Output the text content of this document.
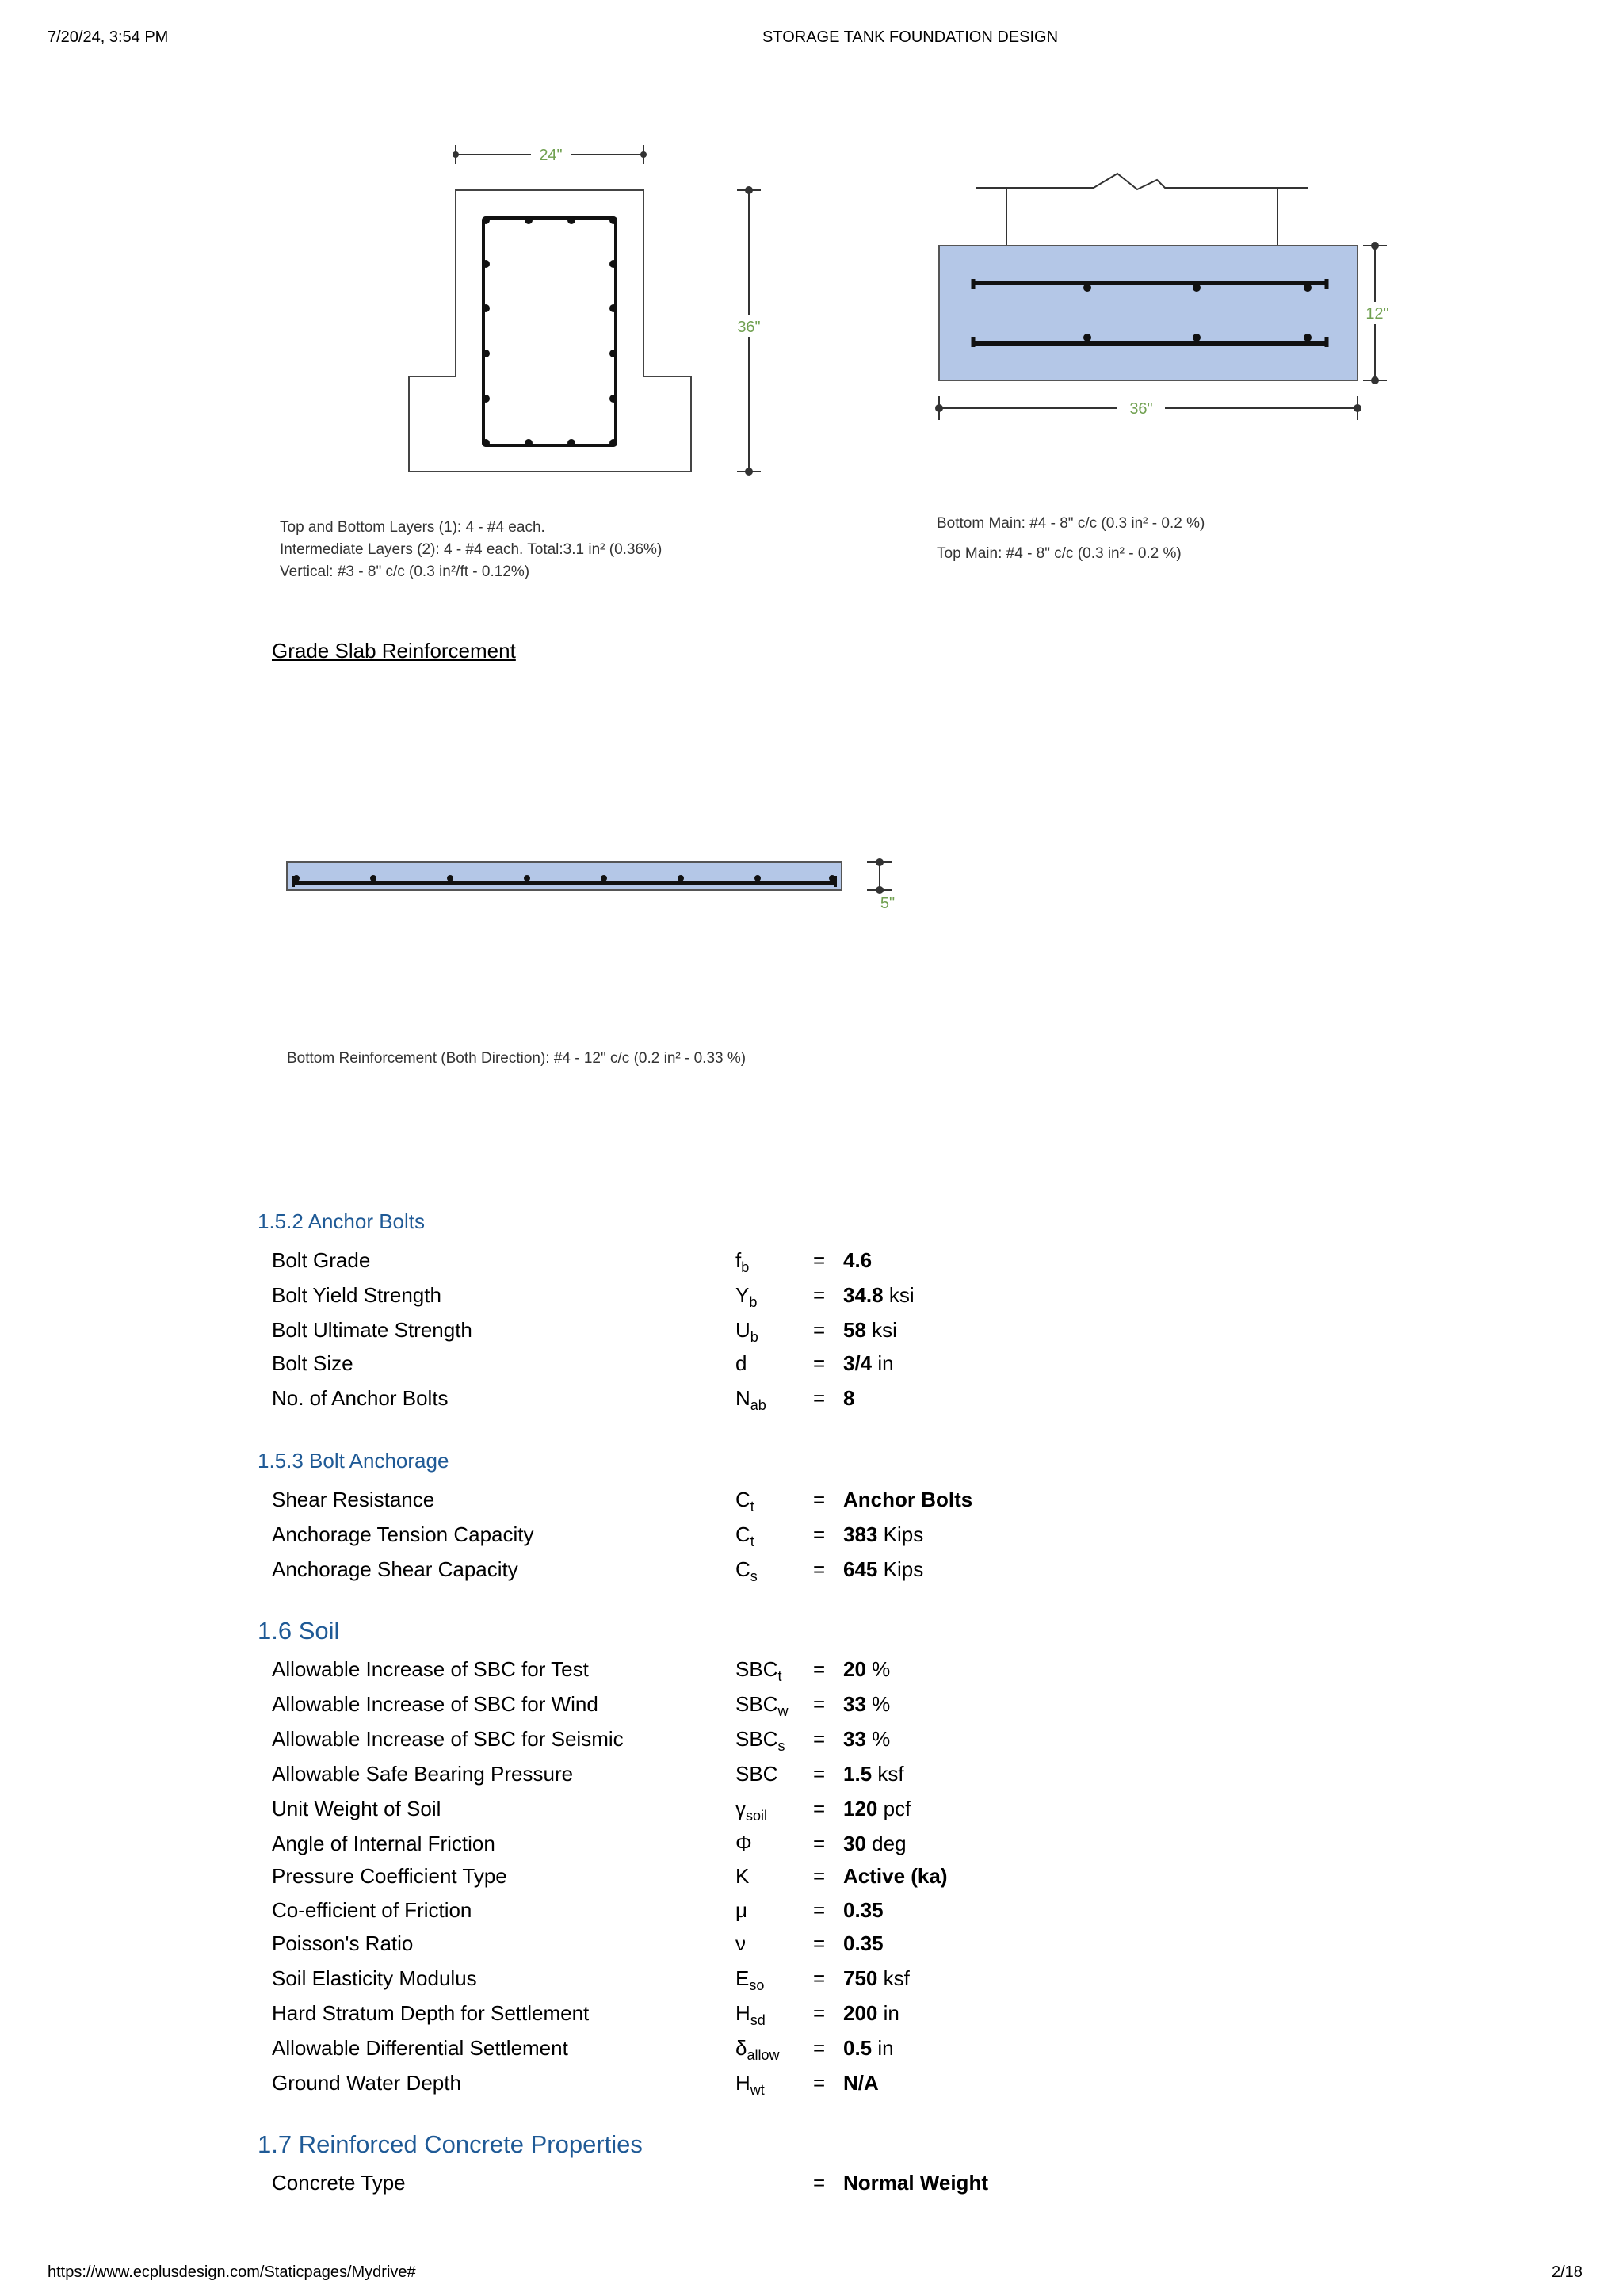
7/20/24, 3:54 PM	STORAGE TANK FOUNDATION DESIGN
24"
36"
Top and Bottom Layers (1): 4 - #4 each.
Intermediate Layers (2): 4 - #4 each. Total:3.1 in² (0.36%)
Vertical: #3 - 8" c/c (0.3 in²/ft - 0.12%)
12"
36"
Bottom Main: #4 - 8" c/c (0.3 in² - 0.2 %)
Top Main: #4 - 8" c/c (0.3 in² - 0.2 %)
Grade Slab Reinforcement
5"
Bottom Reinforcement (Both Direction): #4 - 12" c/c (0.2 in² - 0.33 %)
1.5.2 Anchor Bolts
Bolt Grade	$f_b$	= 4.6
Bolt Yield Strength	$Y_b$	= 34.8 ksi
Bolt Ultimate Strength	$U_b$	= 58 ksi
Bolt Size	d	= 3/4 in
No. of Anchor Bolts	$N_{ab} = 8$
1.5.3 Bolt Anchorage
Shear Resistance	$C_t$	= Anchor Bolts
Anchorage Tension Capacity	$C_t$	= 383 Kips
Anchorage Shear Capacity	$C_s$	= 645 Kips
1.6 Soil
Allowable Increase of SBC for Test	$SBC_t = 20$ %
Allowable Increase of SBC for Wind	$SBC_w = 33$ %
Allowable Increase of SBC for Seismic	$SBC_s = 33$ %
Allowable Safe Bearing Pressure	SBC = 1.5 ksf
Unit Weight of Soil	$\gamma_{soil} = 120$ pcf
Angle of Internal Friction	Φ	= 30 deg
Pressure Coefficient Type	K	= Active (ka)
Co-efficient of Friction	μ	= 0.35
Poisson's Ratio	ν	= 0.35
Soil Elasticity Modulus	$E_{so} = 750$ ksf
Hard Stratum Depth for Settlement	$H_{sd} = 200$ in
Allowable Differential Settlement	$\delta_{allow} = 0.5$ in
Ground Water Depth	$H_{wt} = N/A$
1.7 Reinforced Concrete Properties
Concrete Type	= Normal Weight
https://www.ecplusdesign.com/Staticpages/Mydrive#	2/18
